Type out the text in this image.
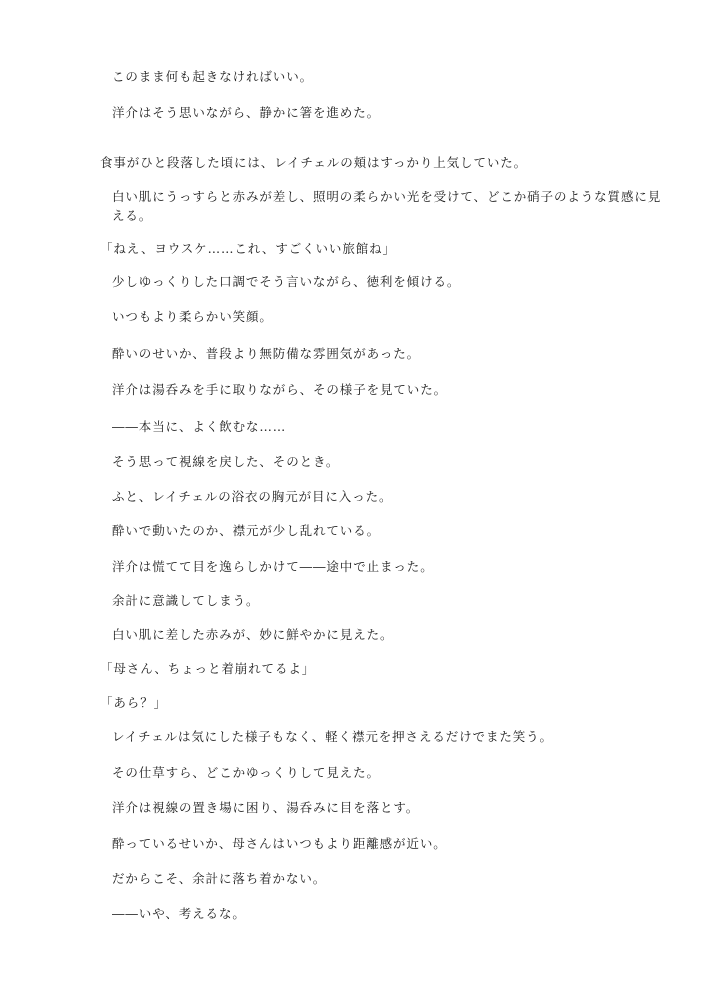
このまま何も起きなければいい。

洋介はそう思いながら、静かに箸を進めた。

食事がひと段落した頃には、レイチェルの頬はすっかり上気していた。

白い肌にうっすらと赤みが差し、照明の柔らかい光を受けて、どこか硝子のような質感に見える。

「ねえ、ヨウスケ……これ、すごくいい旅館ね」

少しゆっくりした口調でそう言いながら、徳利を傾ける。

いつもより柔らかい笑顔。

酔いのせいか、普段より無防備な雰囲気があった。

洋介は湯呑みを手に取りながら、その様子を見ていた。

――本当に、よく飲むな……

そう思って視線を戻した、そのとき。

ふと、レイチェルの浴衣の胸元が目に入った。

酔いで動いたのか、襟元が少し乱れている。

洋介は慌てて目を逸らしかけて――途中で止まった。

余計に意識してしまう。

白い肌に差した赤みが、妙に鮮やかに見えた。

「母さん、ちょっと着崩れてるよ」

「あら？」

レイチェルは気にした様子もなく、軽く襟元を押さえるだけでまた笑う。

その仕草すら、どこかゆっくりして見えた。

洋介は視線の置き場に困り、湯呑みに目を落とす。

酔っているせいか、母さんはいつもより距離感が近い。

だからこそ、余計に落ち着かない。

――いや、考えるな。
